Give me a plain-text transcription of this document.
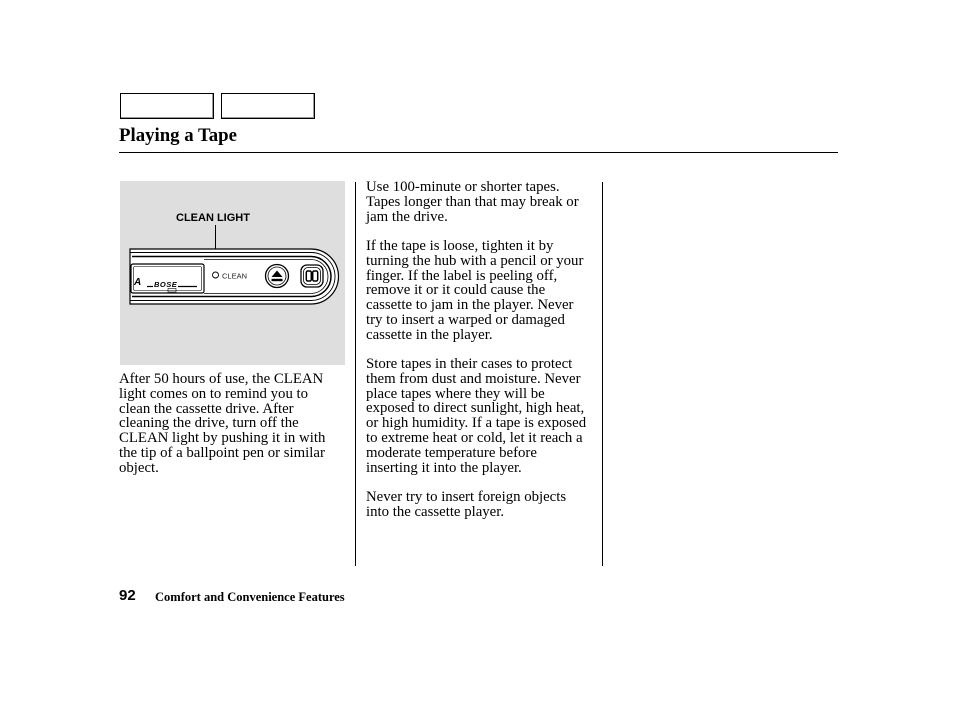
Playing a Tape
CLEAN LIGHT
A BOSE
CLEAN
After 50 hours of use, the CLEAN
light comes on to remind you to
clean the cassette drive. After
cleaning the drive, turn off the
CLEAN light by pushing it in with
the tip of a ballpoint pen or similar
object.
Use 100-minute or shorter tapes.
Tapes longer than that may break or
jam the drive.
If the tape is loose, tighten it by
turning the hub with a pencil or your
finger. If the label is peeling off,
remove it or it could cause the
cassette to jam in the player. Never
try to insert a warped or damaged
cassette in the player.
Store tapes in their cases to protect
them from dust and moisture. Never
place tapes where they will be
exposed to direct sunlight, high heat,
or high humidity. If a tape is exposed
to extreme heat or cold, let it reach a
moderate temperature before
inserting it into the player.
Never try to insert foreign objects
into the cassette player.
92 Comfort and Convenience Features
